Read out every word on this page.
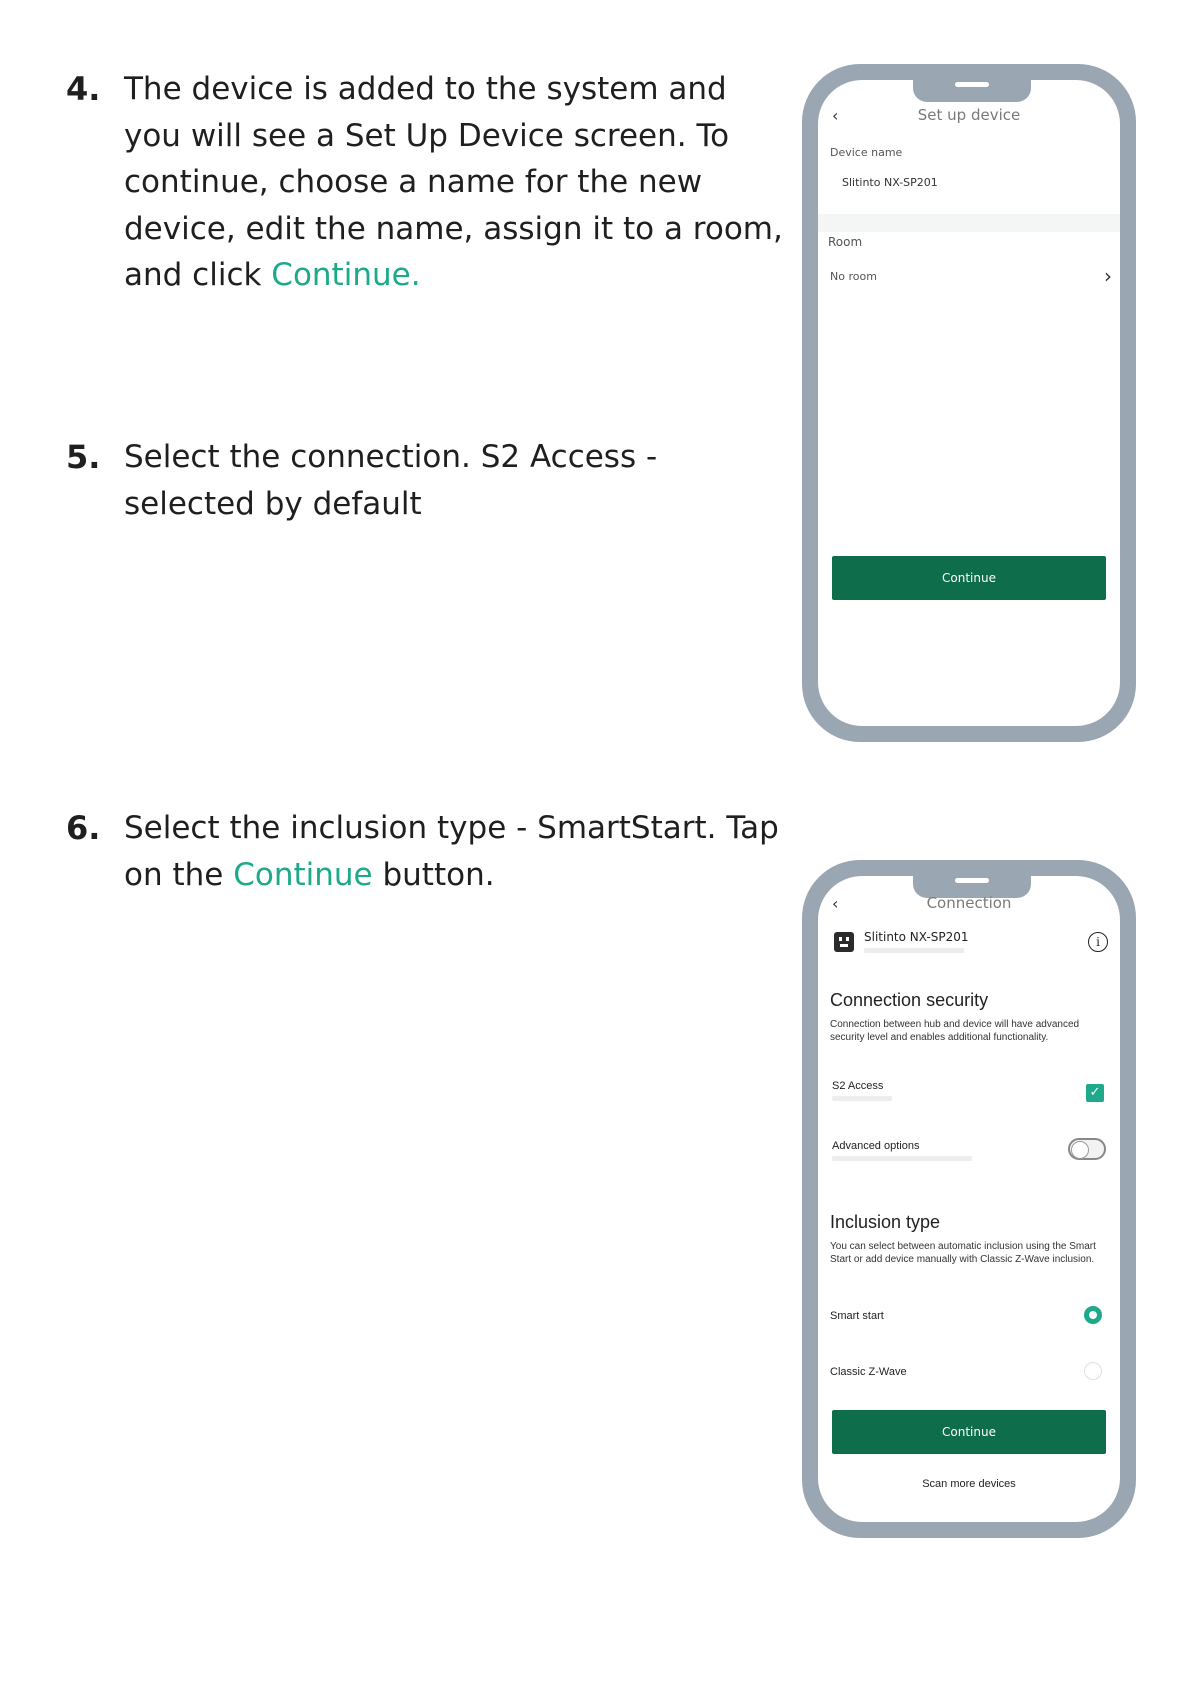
4. The device is added to the system and you will see a Set Up Device screen. To continue, choose a name for the new device, edit the name, assign it to a room, and click Continue.
5. Select the connection. S2 Access - selected by default
6. Select the inclusion type - SmartStart. Tap on the Continue button.
‹	Set up device
Device name
Slitinto NX-SP201
Room
No room	›
Continue
‹	Connection
Slitinto NX-SP201	i
Connection security
Connection between hub and device will have advanced security level and enables additional functionality.
S2 Access	✓
Advanced options
Inclusion type
You can select between automatic inclusion using the Smart Start or add device manually with Classic Z-Wave inclusion.
Smart start
Classic Z-Wave
Continue
Scan more devices
